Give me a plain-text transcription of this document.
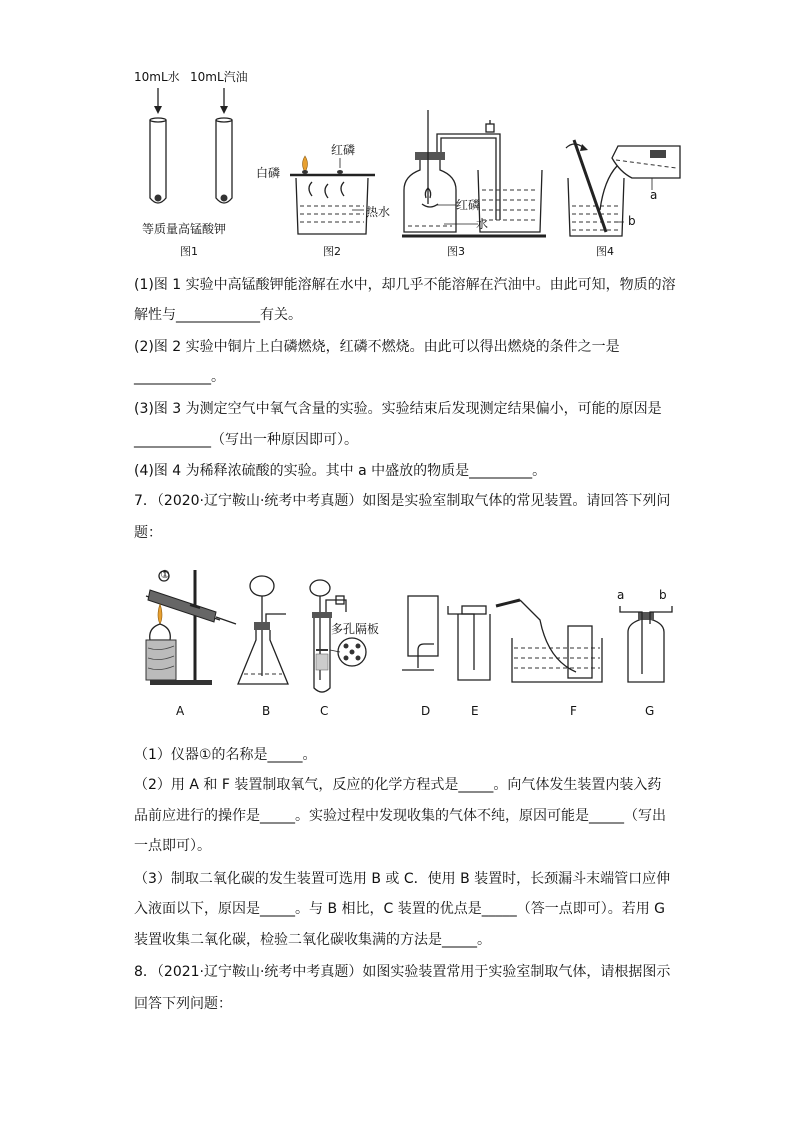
10mL水 10mL汽油
等质量高锰酸钾
图1
红磷
白磷
热水
图2
红磷
水
图3
a
b
图4
(1)图 1 实验中高锰酸钾能溶解在水中，却几乎不能溶解在汽油中。由此可知，物质的溶
解性与____________有关。
(2)图 2 实验中铜片上白磷燃烧，红磷不燃烧。由此可以得出燃烧的条件之一是
___________。
(3)图 3 为测定空气中氧气含量的实验。实验结束后发现测定结果偏小，可能的原因是
___________（写出一种原因即可）。
(4)图 4 为稀释浓硫酸的实验。其中 a 中盛放的物质是_________。
7．（2020·辽宁鞍山·统考中考真题）如图是实验室制取气体的常见装置。请回答下列问
题：
①
多孔隔板
a	b
A	B	C	D	E	F	G
（1）仪器①的名称是_____。
（2）用 A 和 F 装置制取氧气，反应的化学方程式是_____。向气体发生装置内装入药
品前应进行的操作是_____。实验过程中发现收集的气体不纯，原因可能是_____（写出
一点即可）。
（3）制取二氧化碳的发生装置可选用 B 或 C．使用 B 装置时，长颈漏斗末端管口应伸
入液面以下，原因是_____。与 B 相比，C 装置的优点是_____（答一点即可）。若用 G
装置收集二氧化碳，检验二氧化碳收集满的方法是_____。
8．（2021·辽宁鞍山·统考中考真题）如图实验装置常用于实验室制取气体，请根据图示
回答下列问题：
